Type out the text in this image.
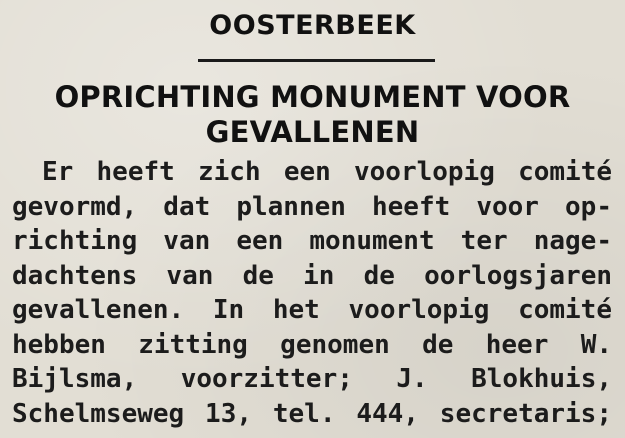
OOSTERBEEK
OPRICHTING MONUMENT VOOR
GEVALLENEN
Er heeft zich een voorlopig comité
gevormd, dat plannen heeft voor op-
richting van een monument ter nage-
dachtens van de in de oorlogsjaren
gevallenen. In het voorlopig comité
hebben zitting genomen de heer W.
Bijlsma, voorzitter; J. Blokhuis,
Schelmseweg 13, tel. 444, secretaris;
